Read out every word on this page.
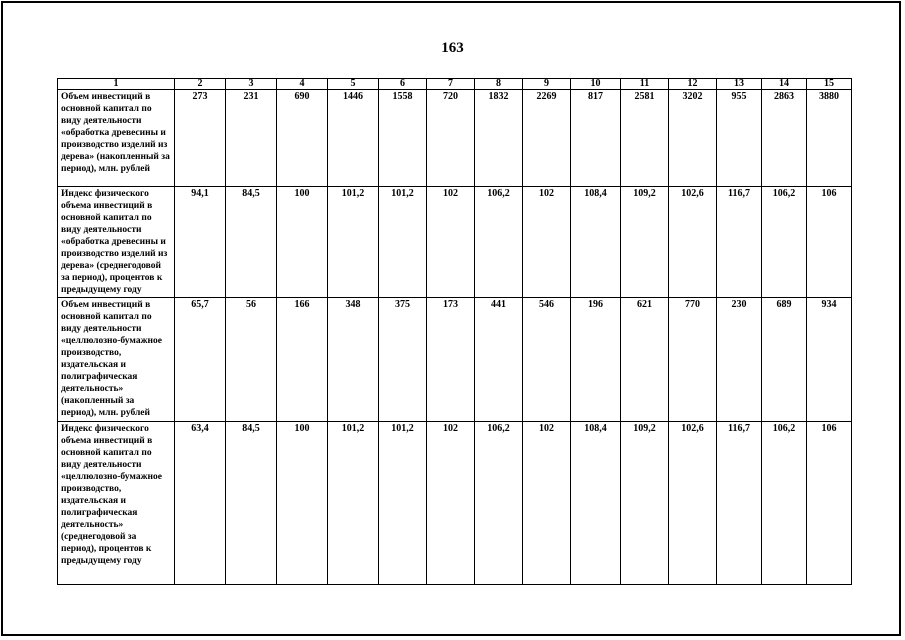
163
1	2	3	4	5	6	7	8	9	10	11	12	13	14	15
Объем инвестиций в основной капитал по виду деятельности «обработка древесины и производство изделий из дерева» (накопленный за период), млн. рублей	273	231	690	1446	1558	720	1832	2269	817	2581	3202	955	2863	3880
Индекс физического объема инвестиций в основной капитал по виду деятельности «обработка древесины и производство изделий из дерева» (среднегодовой за период), процентов к предыдущему году	94,1	84,5	100	101,2	101,2	102	106,2	102	108,4	109,2	102,6	116,7	106,2	106
Объем инвестиций в основной капитал по виду деятельности «целлюлозно-бумажное производство, издательская и полиграфическая деятельность» (накопленный за период), млн. рублей	65,7	56	166	348	375	173	441	546	196	621	770	230	689	934
Индекс физического объема инвестиций в основной капитал по виду деятельности «целлюлозно-бумажное производство, издательская и полиграфическая деятельность» (среднегодовой за период), процентов к предыдущему году	63,4	84,5	100	101,2	101,2	102	106,2	102	108,4	109,2	102,6	116,7	106,2	106
